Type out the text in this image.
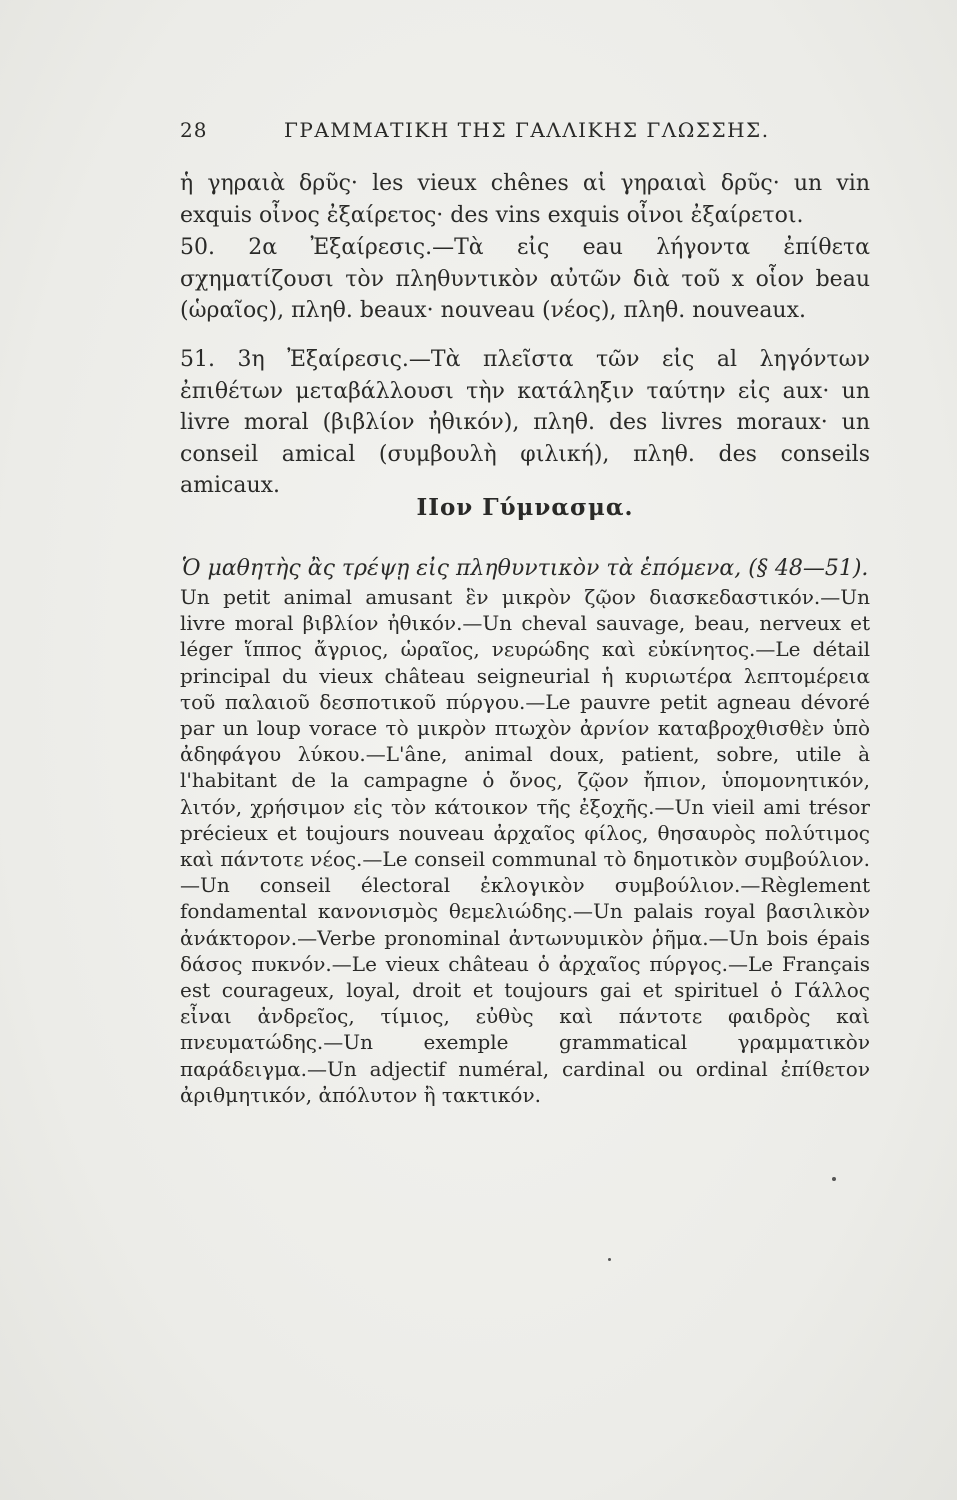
28	ΓΡΑΜΜΑΤΙΚΗ ΤΗΣ ΓΑΛΛΙΚΗΣ ΓΛΩΣΣΗΣ.

ἡ γηραιὰ δρῦς· les vieux chênes αἱ γηραιαὶ δρῦς· un vin exquis οἶνος ἐξαίρετος· des vins exquis οἶνοι ἐξαίρετοι.

50. 2α Ἐξαίρεσις.—Τὰ εἰς eau λήγοντα ἐπίθετα σχηματίζουσι τὸν πληθυντικὸν αὐτῶν διὰ τοῦ x οἷον beau (ὡραῖος), πληθ. beaux· nouveau (νέος), πληθ. nouveaux.

51. 3η Ἐξαίρεσις.—Τὰ πλεῖστα τῶν εἰς al ληγόντων ἐπιθέτων μεταβάλλουσι τὴν κατάληξιν ταύτην εἰς aux· un livre moral (βιβλίον ἠθικόν), πληθ. des livres moraux· un conseil amical (συμβουλὴ φιλική), πληθ. des conseils amicaux.

ΙΙον Γύμνασμα.
Ὁ μαθητὴς ἂς τρέψῃ εἰς πληθυντικὸν τὰ ἑπόμενα, (§ 48—51).

Un petit animal amusant ἓν μικρὸν ζῷον διασκεδαστικόν.—Un livre moral βιβλίον ἠθικόν.—Un cheval sauvage, beau, nerveux et léger ἵππος ἄγριος, ὡραῖος, νευρώδης καὶ εὐκίνητος.—Le détail principal du vieux château seigneurial ἡ κυριωτέρα λεπτομέρεια τοῦ παλαιοῦ δεσποτικοῦ πύργου.—Le pauvre petit agneau dévoré par un loup vorace τὸ μικρὸν πτωχὸν ἀρνίον καταβροχθισθὲν ὑπὸ ἀδηφάγου λύκου.—L'âne, animal doux, patient, sobre, utile à l'habitant de la campagne ὁ ὄνος, ζῷον ἤπιον, ὑπομονητικόν, λιτόν, χρήσιμον εἰς τὸν κάτοικον τῆς ἐξοχῆς.—Un vieil ami trésor précieux et toujours nouveau ἀρχαῖος φίλος, θησαυρὸς πολύτιμος καὶ πάντοτε νέος.—Le conseil communal τὸ δημοτικὸν συμβούλιον.—Un conseil électoral ἐκλογικὸν συμβούλιον.—Règlement fondamental κανονισμὸς θεμελιώδης.—Un palais royal βασιλικὸν ἀνάκτορον.—Verbe pronominal ἀντωνυμικὸν ῥῆμα.—Un bois épais δάσος πυκνόν.—Le vieux château ὁ ἀρχαῖος πύργος.—Le Français est courageux, loyal, droit et toujours gai et spirituel ὁ Γάλλος εἶναι ἀνδρεῖος, τίμιος, εὐθὺς καὶ πάντοτε φαιδρὸς καὶ πνευματώδης.—Un exemple grammatical γραμματικὸν παράδειγμα.—Un adjectif numéral, cardinal ou ordinal ἐπίθετον ἀριθμητικόν, ἀπόλυτον ἢ τακτικόν.
